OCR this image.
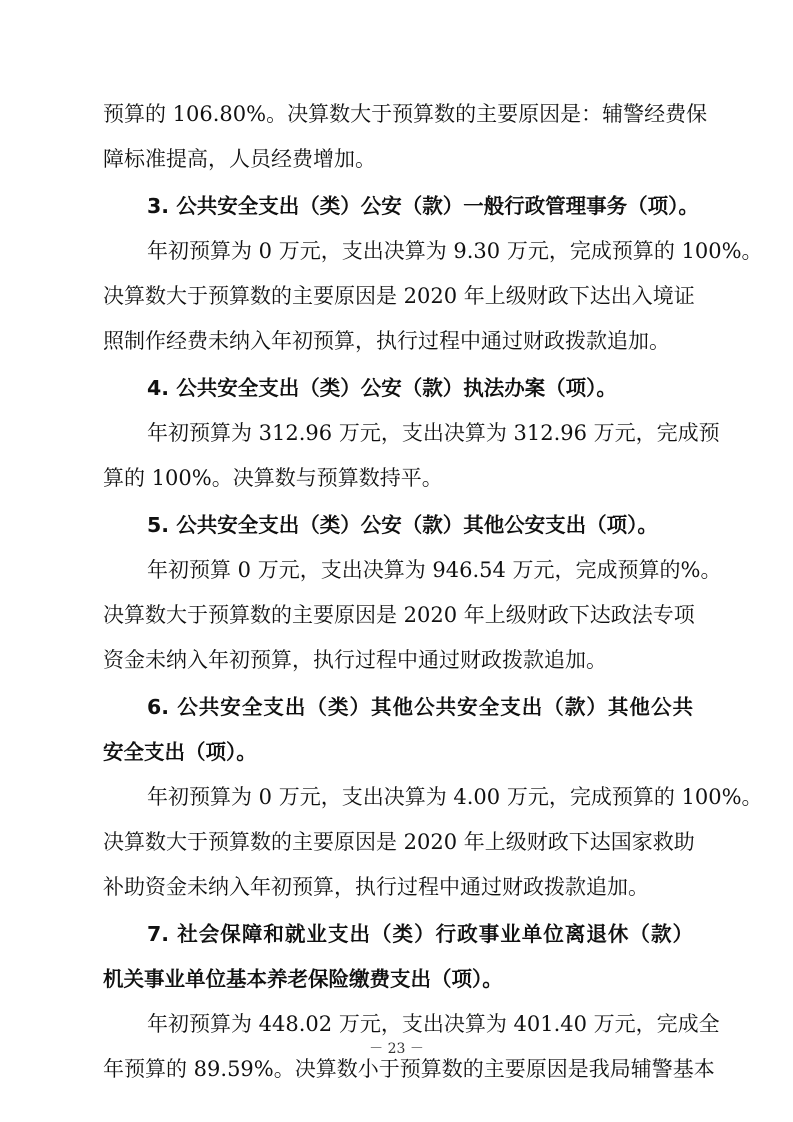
预算的 106.80%。决算数大于预算数的主要原因是：辅警经费保
障标准提高，人员经费增加。
3. 公共安全支出（类）公安（款）一般行政管理事务（项）。
年初预算为 0 万元，支出决算为 9.30 万元，完成预算的 100%。
决算数大于预算数的主要原因是 2020 年上级财政下达出入境证
照制作经费未纳入年初预算，执行过程中通过财政拨款追加。
4. 公共安全支出（类）公安（款）执法办案（项）。
年初预算为 312.96 万元，支出决算为 312.96 万元，完成预
算的 100%。决算数与预算数持平。
5. 公共安全支出（类）公安（款）其他公安支出（项）。
年初预算 0 万元，支出决算为 946.54 万元，完成预算的%。
决算数大于预算数的主要原因是 2020 年上级财政下达政法专项
资金未纳入年初预算，执行过程中通过财政拨款追加。
6. 公共安全支出（类）其他公共安全支出（款）其他公共
安全支出（项）。
年初预算为 0 万元，支出决算为 4.00 万元，完成预算的 100%。
决算数大于预算数的主要原因是 2020 年上级财政下达国家救助
补助资金未纳入年初预算，执行过程中通过财政拨款追加。
7. 社会保障和就业支出（类）行政事业单位离退休（款）
机关事业单位基本养老保险缴费支出（项）。
年初预算为 448.02 万元，支出决算为 401.40 万元，完成全
年预算的 89.59%。决算数小于预算数的主要原因是我局辅警基本
－ 23 －
